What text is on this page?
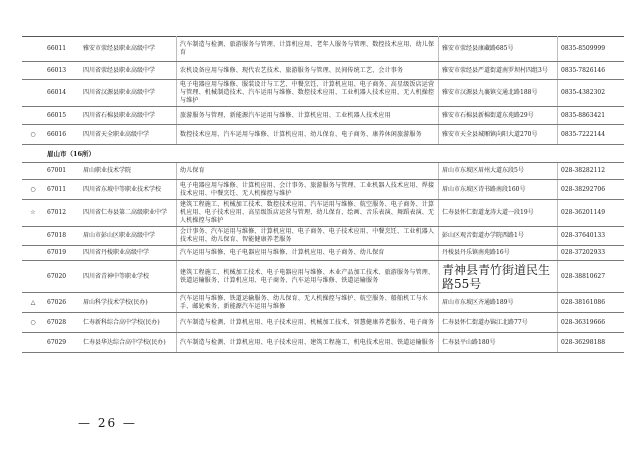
	66011	雅安市荥经县职业高级中学	汽车制造与检测、旅游服务与管理、计算机应用、老年人服务与管理、数控技术应用、幼儿保育	雅安市荥经县康藏路685号	0835-8509999
	66013	四川省荥经县职业高级中学	农机设备应用与维修、现代农艺技术、旅游服务与管理、民间传统工艺、会计事务	雅安市荥经县严道街道南罗坝村四组3号	0835-7826146
	66014	四川省汉源县职业高级中学	电子电器应用与维修、服装设计与工艺、中餐烹饪、计算机应用、电子商务、高星级饭店运营与管理、机械制造技术、汽车运用与维修、数控技术应用、工业机器人技术应用、无人机操控与维护	雅安市汉源县九襄镇交通北路188号	0835-4382302
	66015	四川省石棉县职业高级中学	旅游服务与管理、新能源汽车运用与维修、计算机应用、工业机器人技术应用	雅安市石棉县新棉街道东苑路29号	0835-8863421
○	66016	四川省天全职业高级中学	数控技术应用、汽车运用与维修、计算机应用、幼儿保育、电子商务、康养休闲旅游服务	雅安市天全县城厢镇向阳大道270号	0835-7222144
	眉山市（16所）				
	67001	眉山职业技术学院	幼儿保育	眉山市东坡区眉州大道东段5号	028-38282112
○	67011	四川省东坡中等职业技术学校	电子电器应用与维修、计算机应用、会计事务、旅游服务与管理、工业机器人技术应用、焊接技术应用、中餐烹饪、无人机操控与维护	眉山市东坡区诗书路南段160号	028-38292706
☆	67012	四川省仁寿县第二高级职业中学	建筑工程施工、机械加工技术、数控技术应用、汽车运用与维修、航空服务、电子商务、计算机应用、电子技术应用、高星级饭店运营与管理、幼儿保育、绘画、音乐表演、舞蹈表演、无人机操控与维护	仁寿县怀仁街道龙涛大道一段19号	028-36201149
	67018	眉山市彭山区职业高级中学	会计事务、汽车运用与维修、计算机应用、电子商务、电子技术应用、中餐烹饪、工业机器人技术应用、幼儿保育、智能健康养老服务	彭山区观音街道办学院西路1号	028-37640133
	67019	四川省丹棱职业高级中学	汽车运用与维修、电子电器应用与维修、计算机应用、电子商务、幼儿保育	丹棱县丹乐镇南苑路16号	028-37202933
	67020	四川省青神中等职业学校	建筑工程施工、机械加工技术、电子电器应用与维修、木业产品加工技术、旅游服务与管理、铁道运输服务、计算机应用、电子商务、汽车运用与维修、铁道运输服务	青神县青竹街道民生路55号	028-38810627
△	67026	眉山科学技术学校(民办)	汽车运用与维修、铁道运输服务、幼儿保育、无人机操控与维护、航空服务、船舶机工与水手、邮轮乘务、新能源汽车运用与维修	眉山市东坡区齐通路189号	028-38161086
○	67028	仁寿新科综合高中学校(民办)	汽车制造与检测、计算机应用、电子技术应用、机械加工技术、智慧健康养老服务、电子商务	仁寿县怀仁街道办锦江北路77号	028-36319666
	67029	仁寿县华达综合高中学校(民办)	汽车制造与检测、计算机应用、电子技术应用、建筑工程施工、机电技术应用、铁道运输服务	仁寿县平山路180号	028-36298188
— 26 —
